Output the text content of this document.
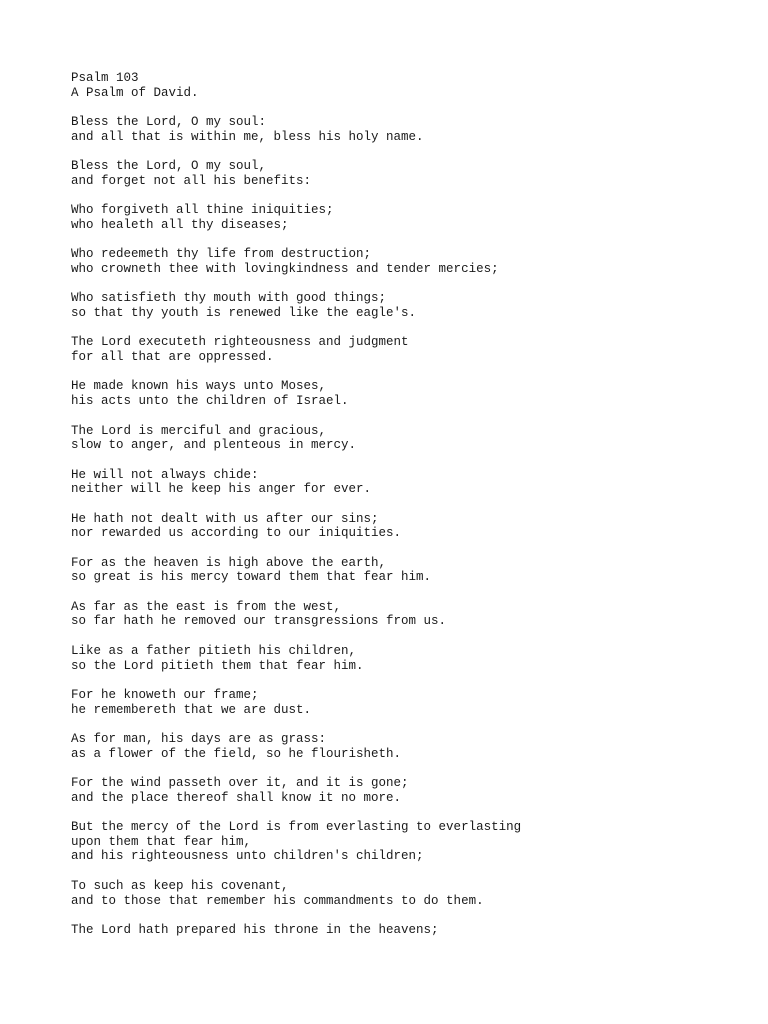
Psalm 103
A Psalm of David.
Bless the Lord, O my soul:
and all that is within me, bless his holy name.
Bless the Lord, O my soul,
and forget not all his benefits:
Who forgiveth all thine iniquities;
who healeth all thy diseases;
Who redeemeth thy life from destruction;
who crowneth thee with lovingkindness and tender mercies;
Who satisfieth thy mouth with good things;
so that thy youth is renewed like the eagle's.
The Lord executeth righteousness and judgment
for all that are oppressed.
He made known his ways unto Moses,
his acts unto the children of Israel.
The Lord is merciful and gracious,
slow to anger, and plenteous in mercy.
He will not always chide:
neither will he keep his anger for ever.
He hath not dealt with us after our sins;
nor rewarded us according to our iniquities.
For as the heaven is high above the earth,
so great is his mercy toward them that fear him.
As far as the east is from the west,
so far hath he removed our transgressions from us.
Like as a father pitieth his children,
so the Lord pitieth them that fear him.
For he knoweth our frame;
he remembereth that we are dust.
As for man, his days are as grass:
as a flower of the field, so he flourisheth.
For the wind passeth over it, and it is gone;
and the place thereof shall know it no more.
But the mercy of the Lord is from everlasting to everlasting
upon them that fear him,
and his righteousness unto children's children;
To such as keep his covenant,
and to those that remember his commandments to do them.
The Lord hath prepared his throne in the heavens;
